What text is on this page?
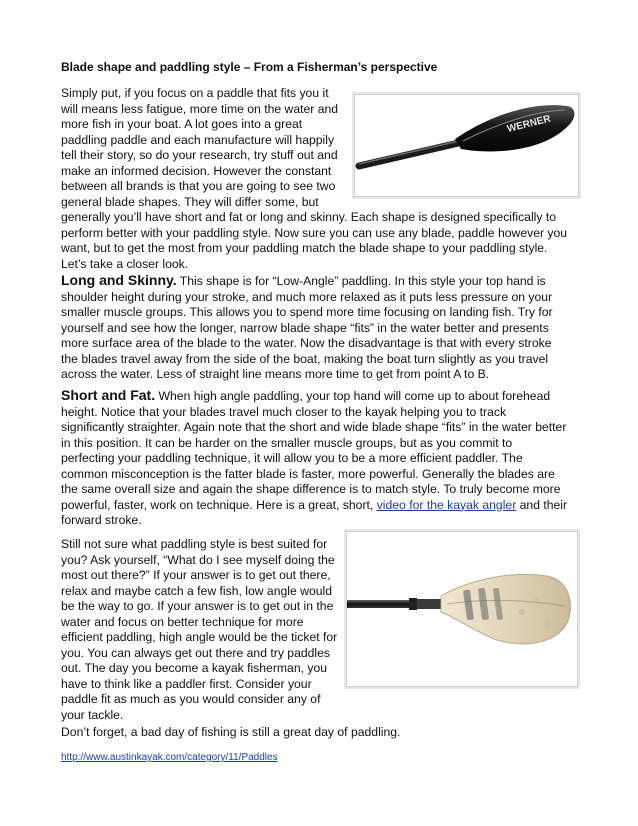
Blade shape and paddling style – From a Fisherman’s perspective
Simply put, if you focus on a paddle that fits you it
will means less fatigue, more time on the water and
more fish in your boat. A lot goes into a great
paddling paddle and each manufacture will happily
tell their story, so do your research, try stuff out and
make an informed decision. However the constant
between all brands is that you are going to see two
general blade shapes. They will differ some, but
generally you’ll have short and fat or long and skinny. Each shape is designed specifically to
perform better with your paddling style. Now sure you can use any blade, paddle however you
want, but to get the most from your paddling match the blade shape to your paddling style.
Let’s take a closer look.
WERNER
Long and Skinny. This shape is for “Low-Angle” paddling. In this style your top hand is
shoulder height during your stroke, and much more relaxed as it puts less pressure on your
smaller muscle groups. This allows you to spend more time focusing on landing fish. Try for
yourself and see how the longer, narrow blade shape “fits” in the water better and presents
more surface area of the blade to the water. Now the disadvantage is that with every stroke
the blades travel away from the side of the boat, making the boat turn slightly as you travel
across the water. Less of straight line means more time to get from point A to B.
Short and Fat. When high angle paddling, your top hand will come up to about forehead
height. Notice that your blades travel much closer to the kayak helping you to track
significantly straighter. Again note that the short and wide blade shape “fits” in the water better
in this position. It can be harder on the smaller muscle groups, but as you commit to
perfecting your paddling technique, it will allow you to be a more efficient paddler. The
common misconception is the fatter blade is faster, more powerful. Generally the blades are
the same overall size and again the shape difference is to match style. To truly become more
powerful, faster, work on technique. Here is a great, short, video for the kayak angler and their
forward stroke.
Still not sure what paddling style is best suited for
you? Ask yourself, “What do I see myself doing the
most out there?” If your answer is to get out there,
relax and maybe catch a few fish, low angle would
be the way to go. If your answer is to get out in the
water and focus on better technique for more
efficient paddling, high angle would be the ticket for
you. You can always get out there and try paddles
out. The day you become a kayak fisherman, you
have to think like a paddler first. Consider your
paddle fit as much as you would consider any of
your tackle.
Don’t forget, a bad day of fishing is still a great day of paddling.
http://www.austinkayak.com/category/11/Paddles
